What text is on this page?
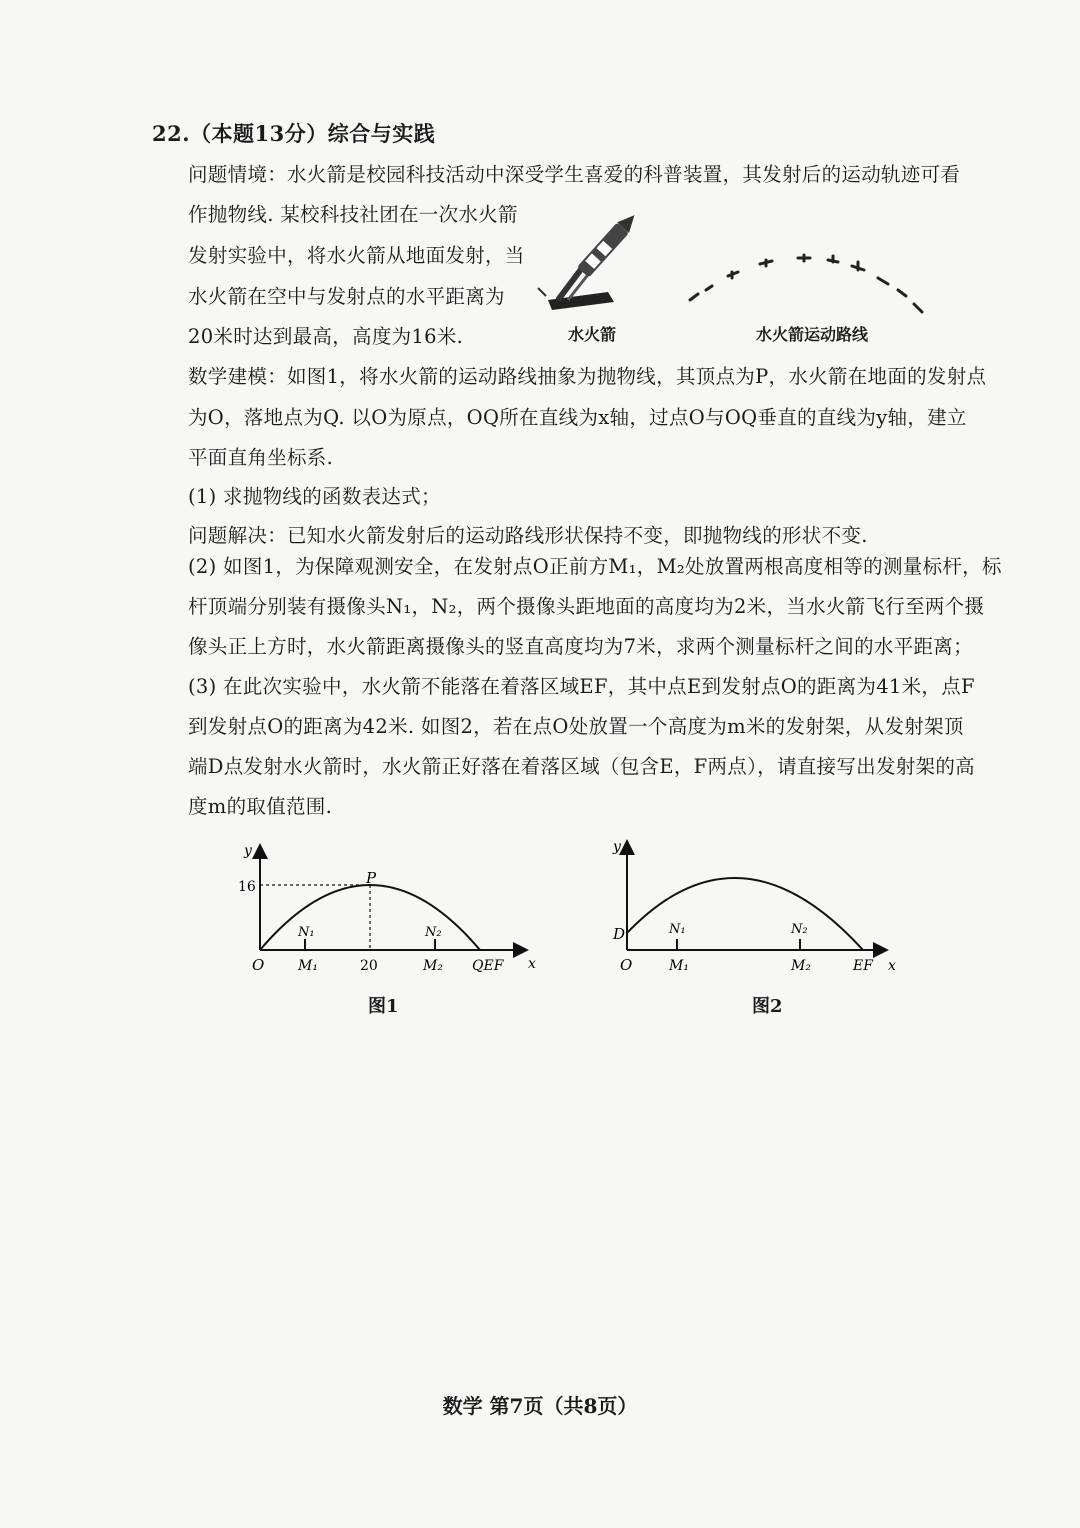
22.（本题13分）综合与实践
问题情境：水火箭是校园科技活动中深受学生喜爱的科普装置，其发射后的运动轨迹可看
作抛物线. 某校科技社团在一次水火箭
发射实验中，将水火箭从地面发射，当
水火箭在空中与发射点的水平距离为
20米时达到最高，高度为16米.	水火箭	水火箭运动路线
数学建模：如图1，将水火箭的运动路线抽象为抛物线，其顶点为P，水火箭在地面的发射点
为O，落地点为Q. 以O为原点，OQ所在直线为x轴，过点O与OQ垂直的直线为y轴，建立
平面直角坐标系.
(1) 求抛物线的函数表达式；
问题解决：已知水火箭发射后的运动路线形状保持不变，即抛物线的形状不变.
(2) 如图1，为保障观测安全，在发射点O正前方M₁，M₂处放置两根高度相等的测量标杆，标
杆顶端分别装有摄像头N₁，N₂，两个摄像头距地面的高度均为2米，当水火箭飞行至两个摄
像头正上方时，水火箭距离摄像头的竖直高度均为7米，求两个测量标杆之间的水平距离；
(3) 在此次实验中，水火箭不能落在着落区域EF，其中点E到发射点O的距离为41米，点F
到发射点O的距离为42米. 如图2，若在点O处放置一个高度为m米的发射架，从发射架顶
端D点发射水火箭时，水火箭正好落在着落区域（包含E，F两点），请直接写出发射架的高
度m的取值范围.
y
x
O
P
16
20
N₁	N₂
M₁	M₂ QEF
图1
y
x
O
D	N₁	N₂
M₁	M₂	EF
图2
数学 第7页（共8页）
